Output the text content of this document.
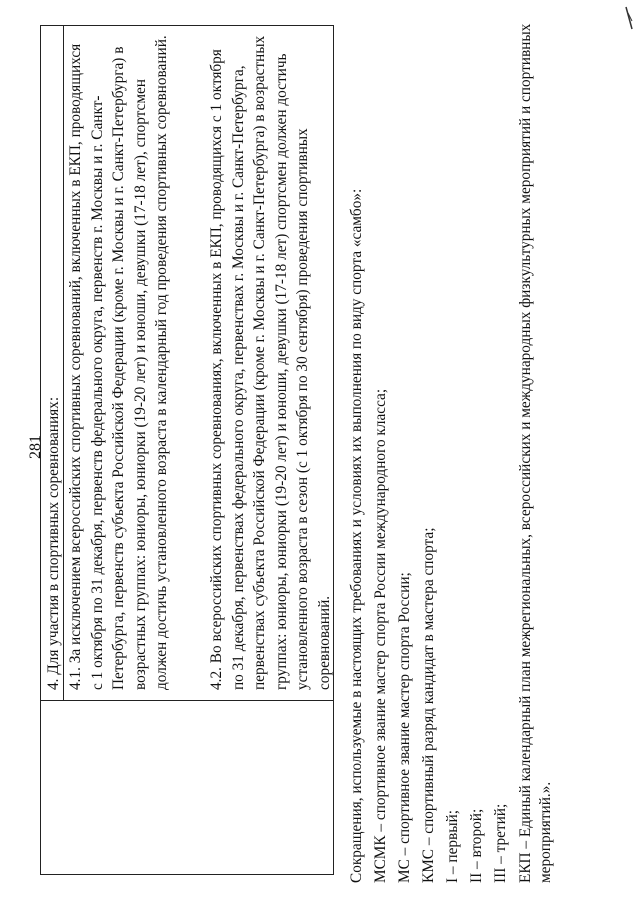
281 4. Для участия в спортивных соревнованиях: 4.1. За исключением всероссийских спортивных соревнований, включенных в ЕКП, проводящихся с 1 октября по 31 декабря, первенств федерального округа, первенств г. Москвы и г. Санкт-Петербурга, первенств субъекта Российской Федерации (кроме г. Москвы и г. Санкт-Петербурга) в возрастных группах: юниоры, юниорки (19-20 лет) и юноши, девушки (17-18 лет), спортсмен должен достичь установленного возраста в календарный год проведения спортивных соревнований. 4.2. Во всероссийских спортивных соревнованиях, включенных в ЕКП, проводящихся с 1 октября по 31 декабря, первенствах федерального округа, первенствах г. Москвы и г. Санкт-Петербурга, первенствах субъекта Российской Федерации (кроме г. Москвы и г. Санкт-Петербурга) в возрастных группах: юниоры, юниорки (19-20 лет) и юноши, девушки (17-18 лет) спортсмен должен достичь установленного возраста в сезон (с 1 октября по 30 сентября) проведения спортивных соревнований. Сокращения, используемые в настоящих требованиях и условиях их выполнения по виду спорта «самбо»: МСМК – спортивное звание мастер спорта России международного класса; МС – спортивное звание мастер спорта России; КМС – спортивный разряд кандидат в мастера спорта; I – первый; II – второй; III – третий; ЕКП – Единый календарный план межрегиональных, всероссийских и международных физкультурных мероприятий и спортивных мероприятий.».
